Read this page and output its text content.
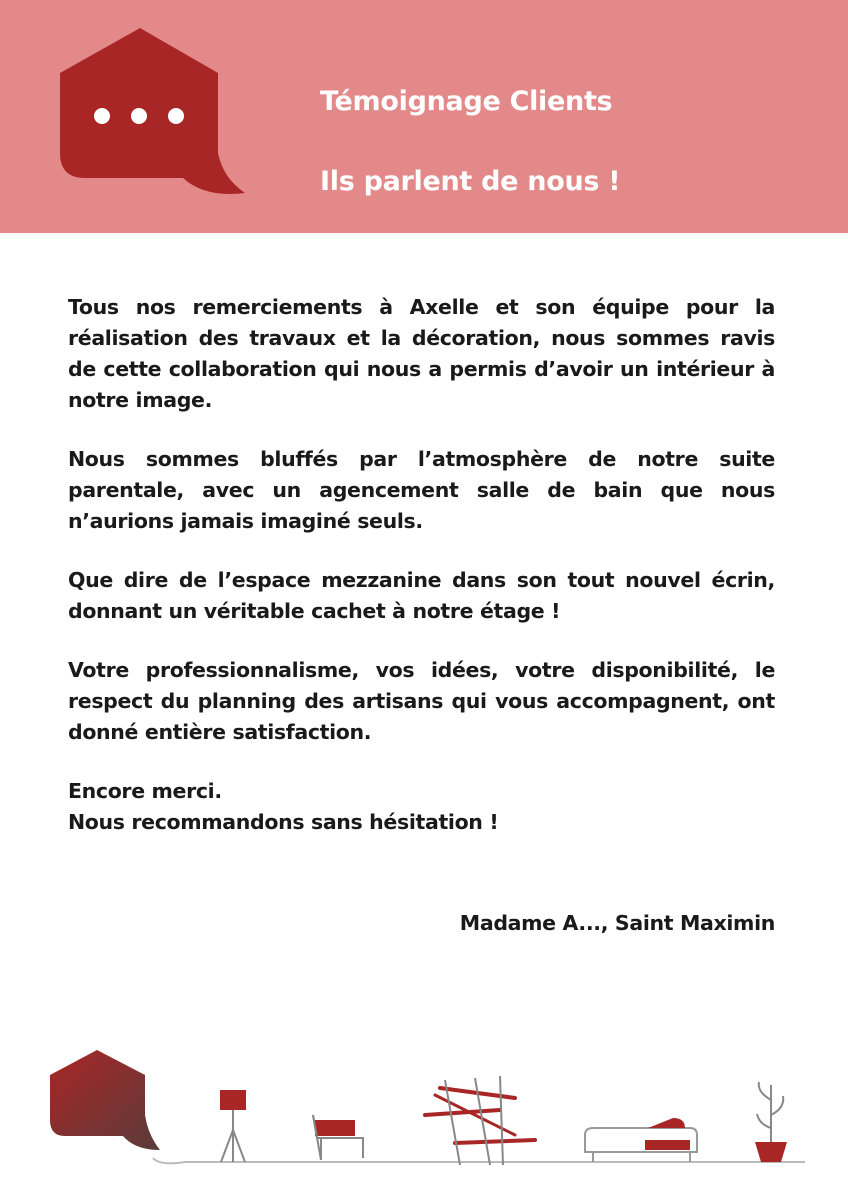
Témoignage Clients
Ils parlent de nous !

Tous nos remerciements à Axelle et son équipe pour la réalisation des travaux et la décoration, nous sommes ravis de cette collaboration qui nous a permis d’avoir un intérieur à notre image.

Nous sommes bluffés par l’atmosphère de notre suite parentale, avec un agencement salle de bain que nous n’aurions jamais imaginé seuls.

Que dire de l’espace mezzanine dans son tout nouvel écrin, donnant un véritable cachet à notre étage !

Votre professionnalisme, vos idées, votre disponibilité, le respect du planning des artisans qui vous accompagnent, ont donné entière satisfaction.

Encore merci.
Nous recommandons sans hésitation !

Madame A..., Saint Maximin
